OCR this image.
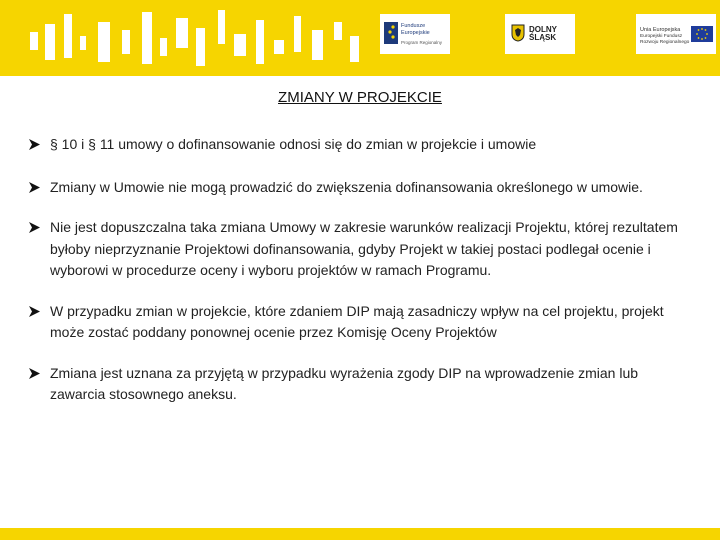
Fundusze
Europejskie
Program Regionalny
DOLNY
ŚLĄSK
Unia Europejska
Europejski Fundusz
Rozwoju Regionalnego
ZMIANY W PROJEKCIE
§ 10 i § 11 umowy o dofinansowanie odnosi się do zmian w projekcie i umowie
Zmiany w Umowie nie mogą prowadzić do zwiększenia dofinansowania określonego w umowie.
Nie jest dopuszczalna taka zmiana Umowy w zakresie warunków realizacji Projektu, której rezultatem byłoby nieprzyznanie Projektowi dofinansowania, gdyby Projekt w takiej postaci podlegał ocenie i wyborowi w procedurze oceny i wyboru projektów w ramach Programu.
W przypadku zmian w projekcie, które zdaniem DIP mają zasadniczy wpływ na cel projektu, projekt może zostać poddany ponownej ocenie przez Komisję Oceny Projektów
Zmiana jest uznana za przyjętą w przypadku wyrażenia zgody DIP na wprowadzenie zmian lub zawarcia stosownego aneksu.
